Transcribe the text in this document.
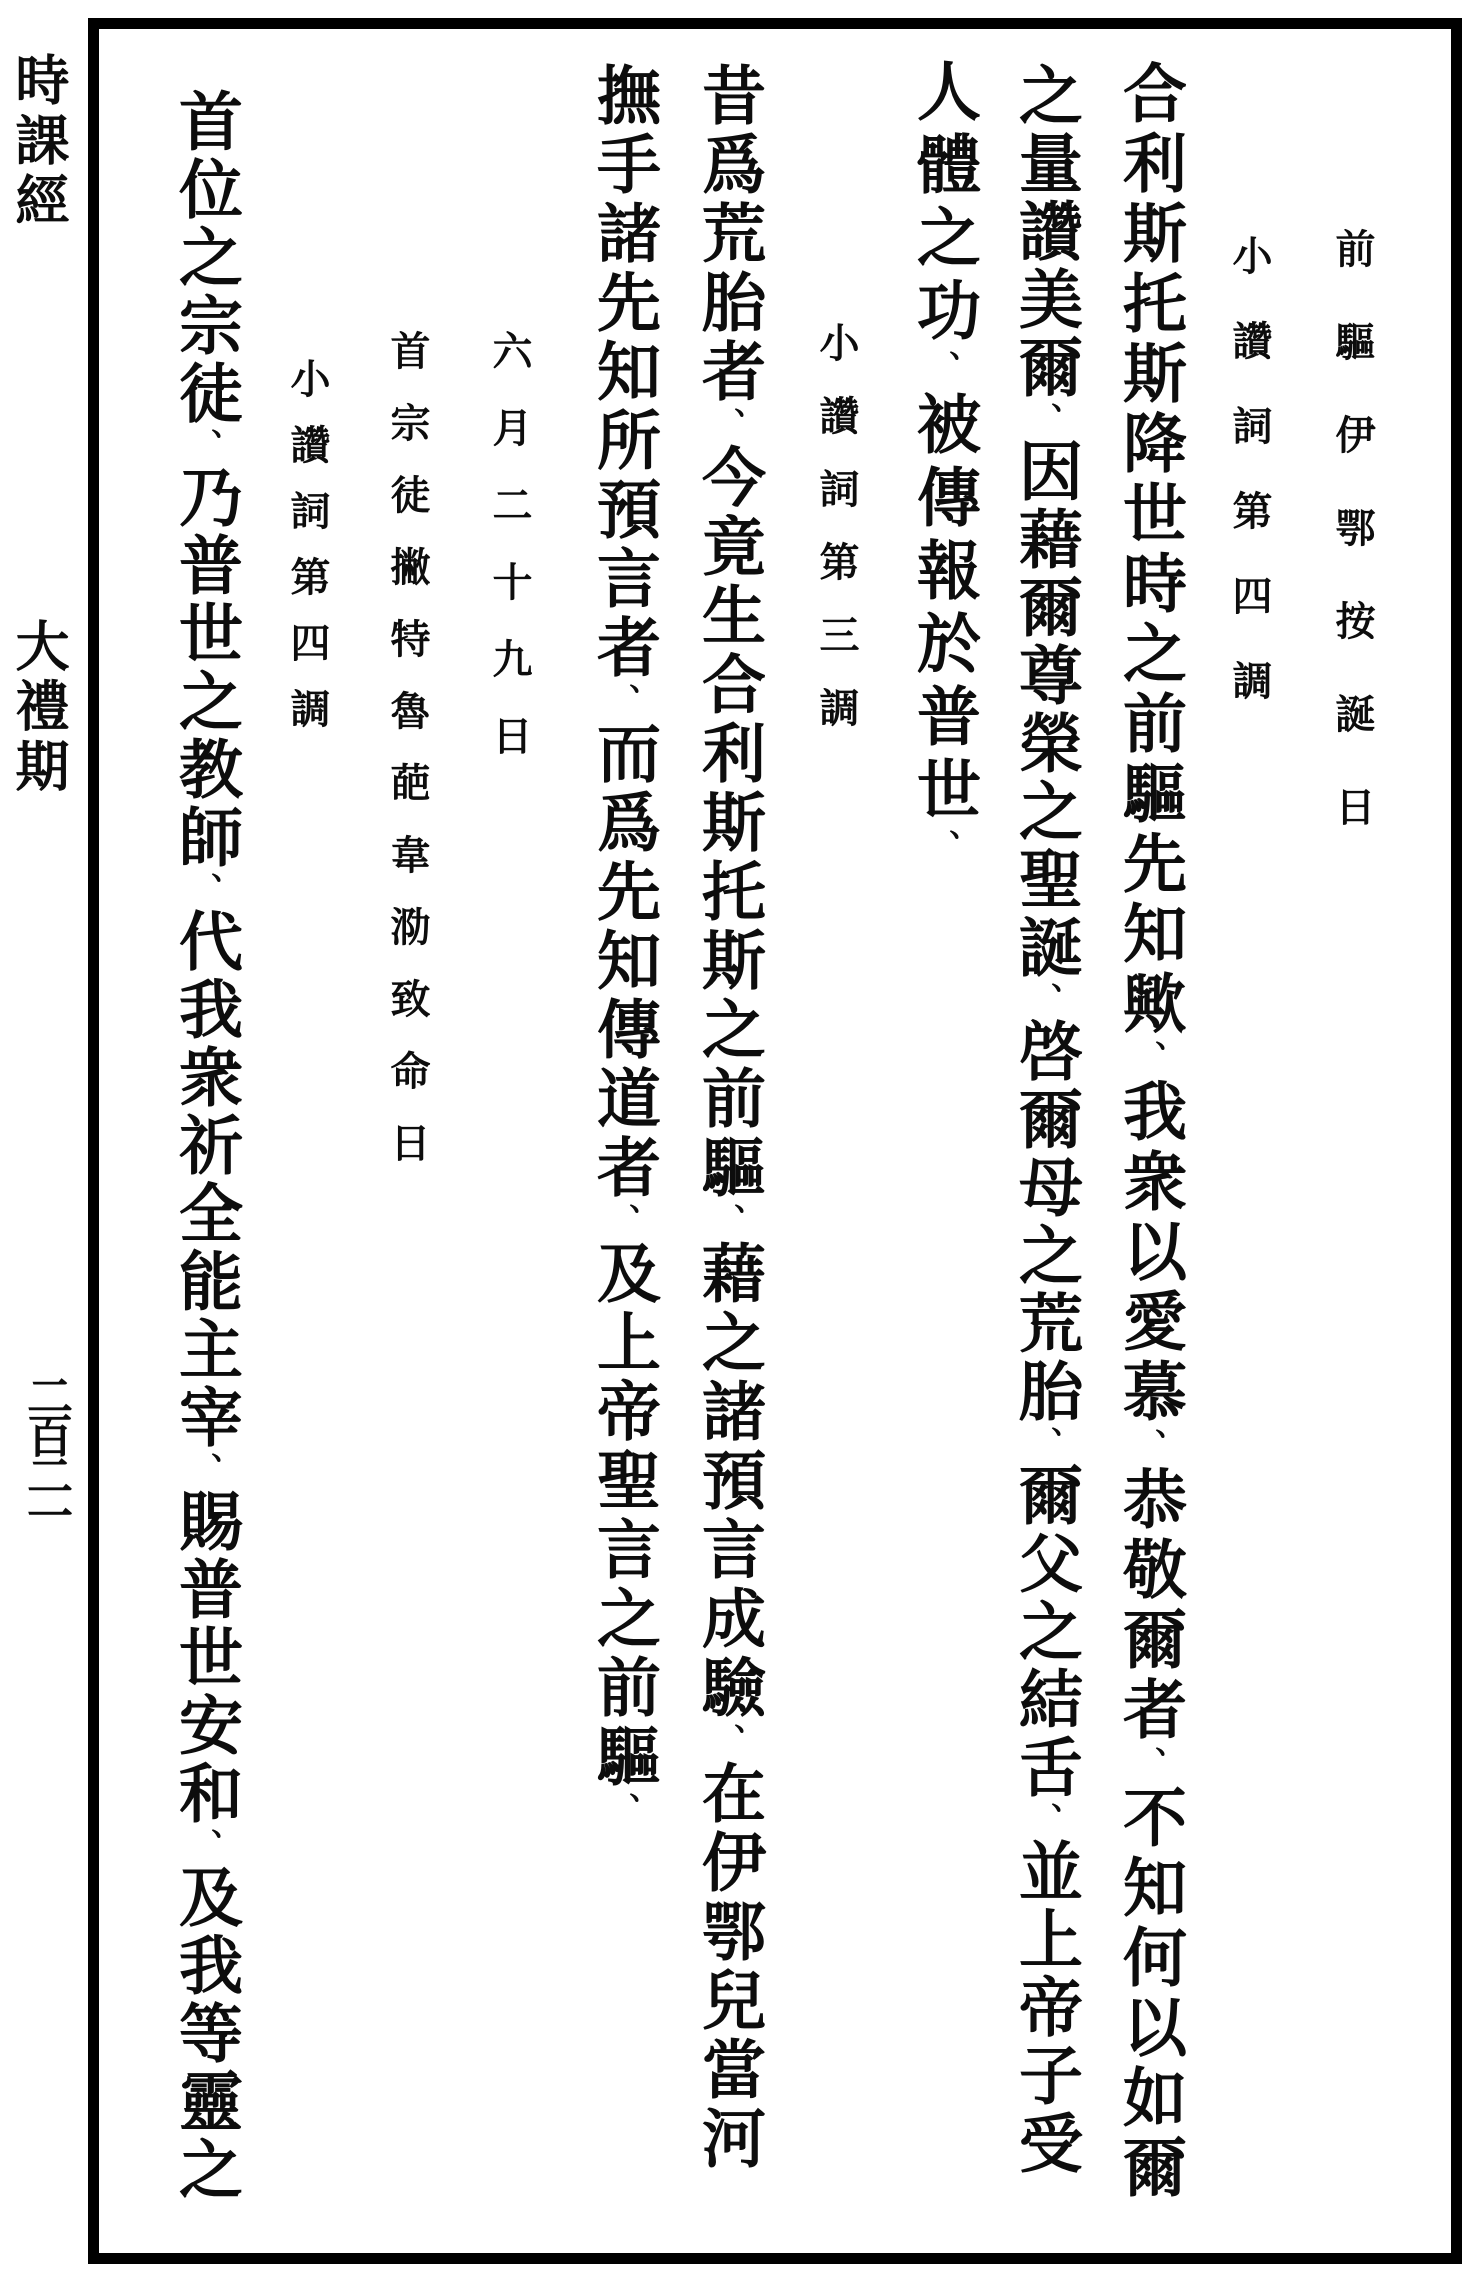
時課經
大禮期
二百二一
前驅伊鄂按誕日
小讚詞第四調
合利斯托斯降世時之前驅先知歟、我衆以愛慕、恭敬爾者、不知何以如爾
之量讚美爾、因藉爾尊榮之聖誕、啓爾母之荒胎、爾父之結舌、並上帝子受
人體之功、被傳報於普世、
小讚詞第三調
昔爲荒胎者、今竟生合利斯托斯之前驅、藉之諸預言成驗、在伊鄂兒當河
撫手諸先知所預言者、而爲先知傳道者、及上帝聖言之前驅、
六月二十九日
首宗徒撇特魯葩韋泐致命日
小讚詞第四調
首位之宗徒、乃普世之教師、代我衆祈全能主宰、賜普世安和、及我等靈之
